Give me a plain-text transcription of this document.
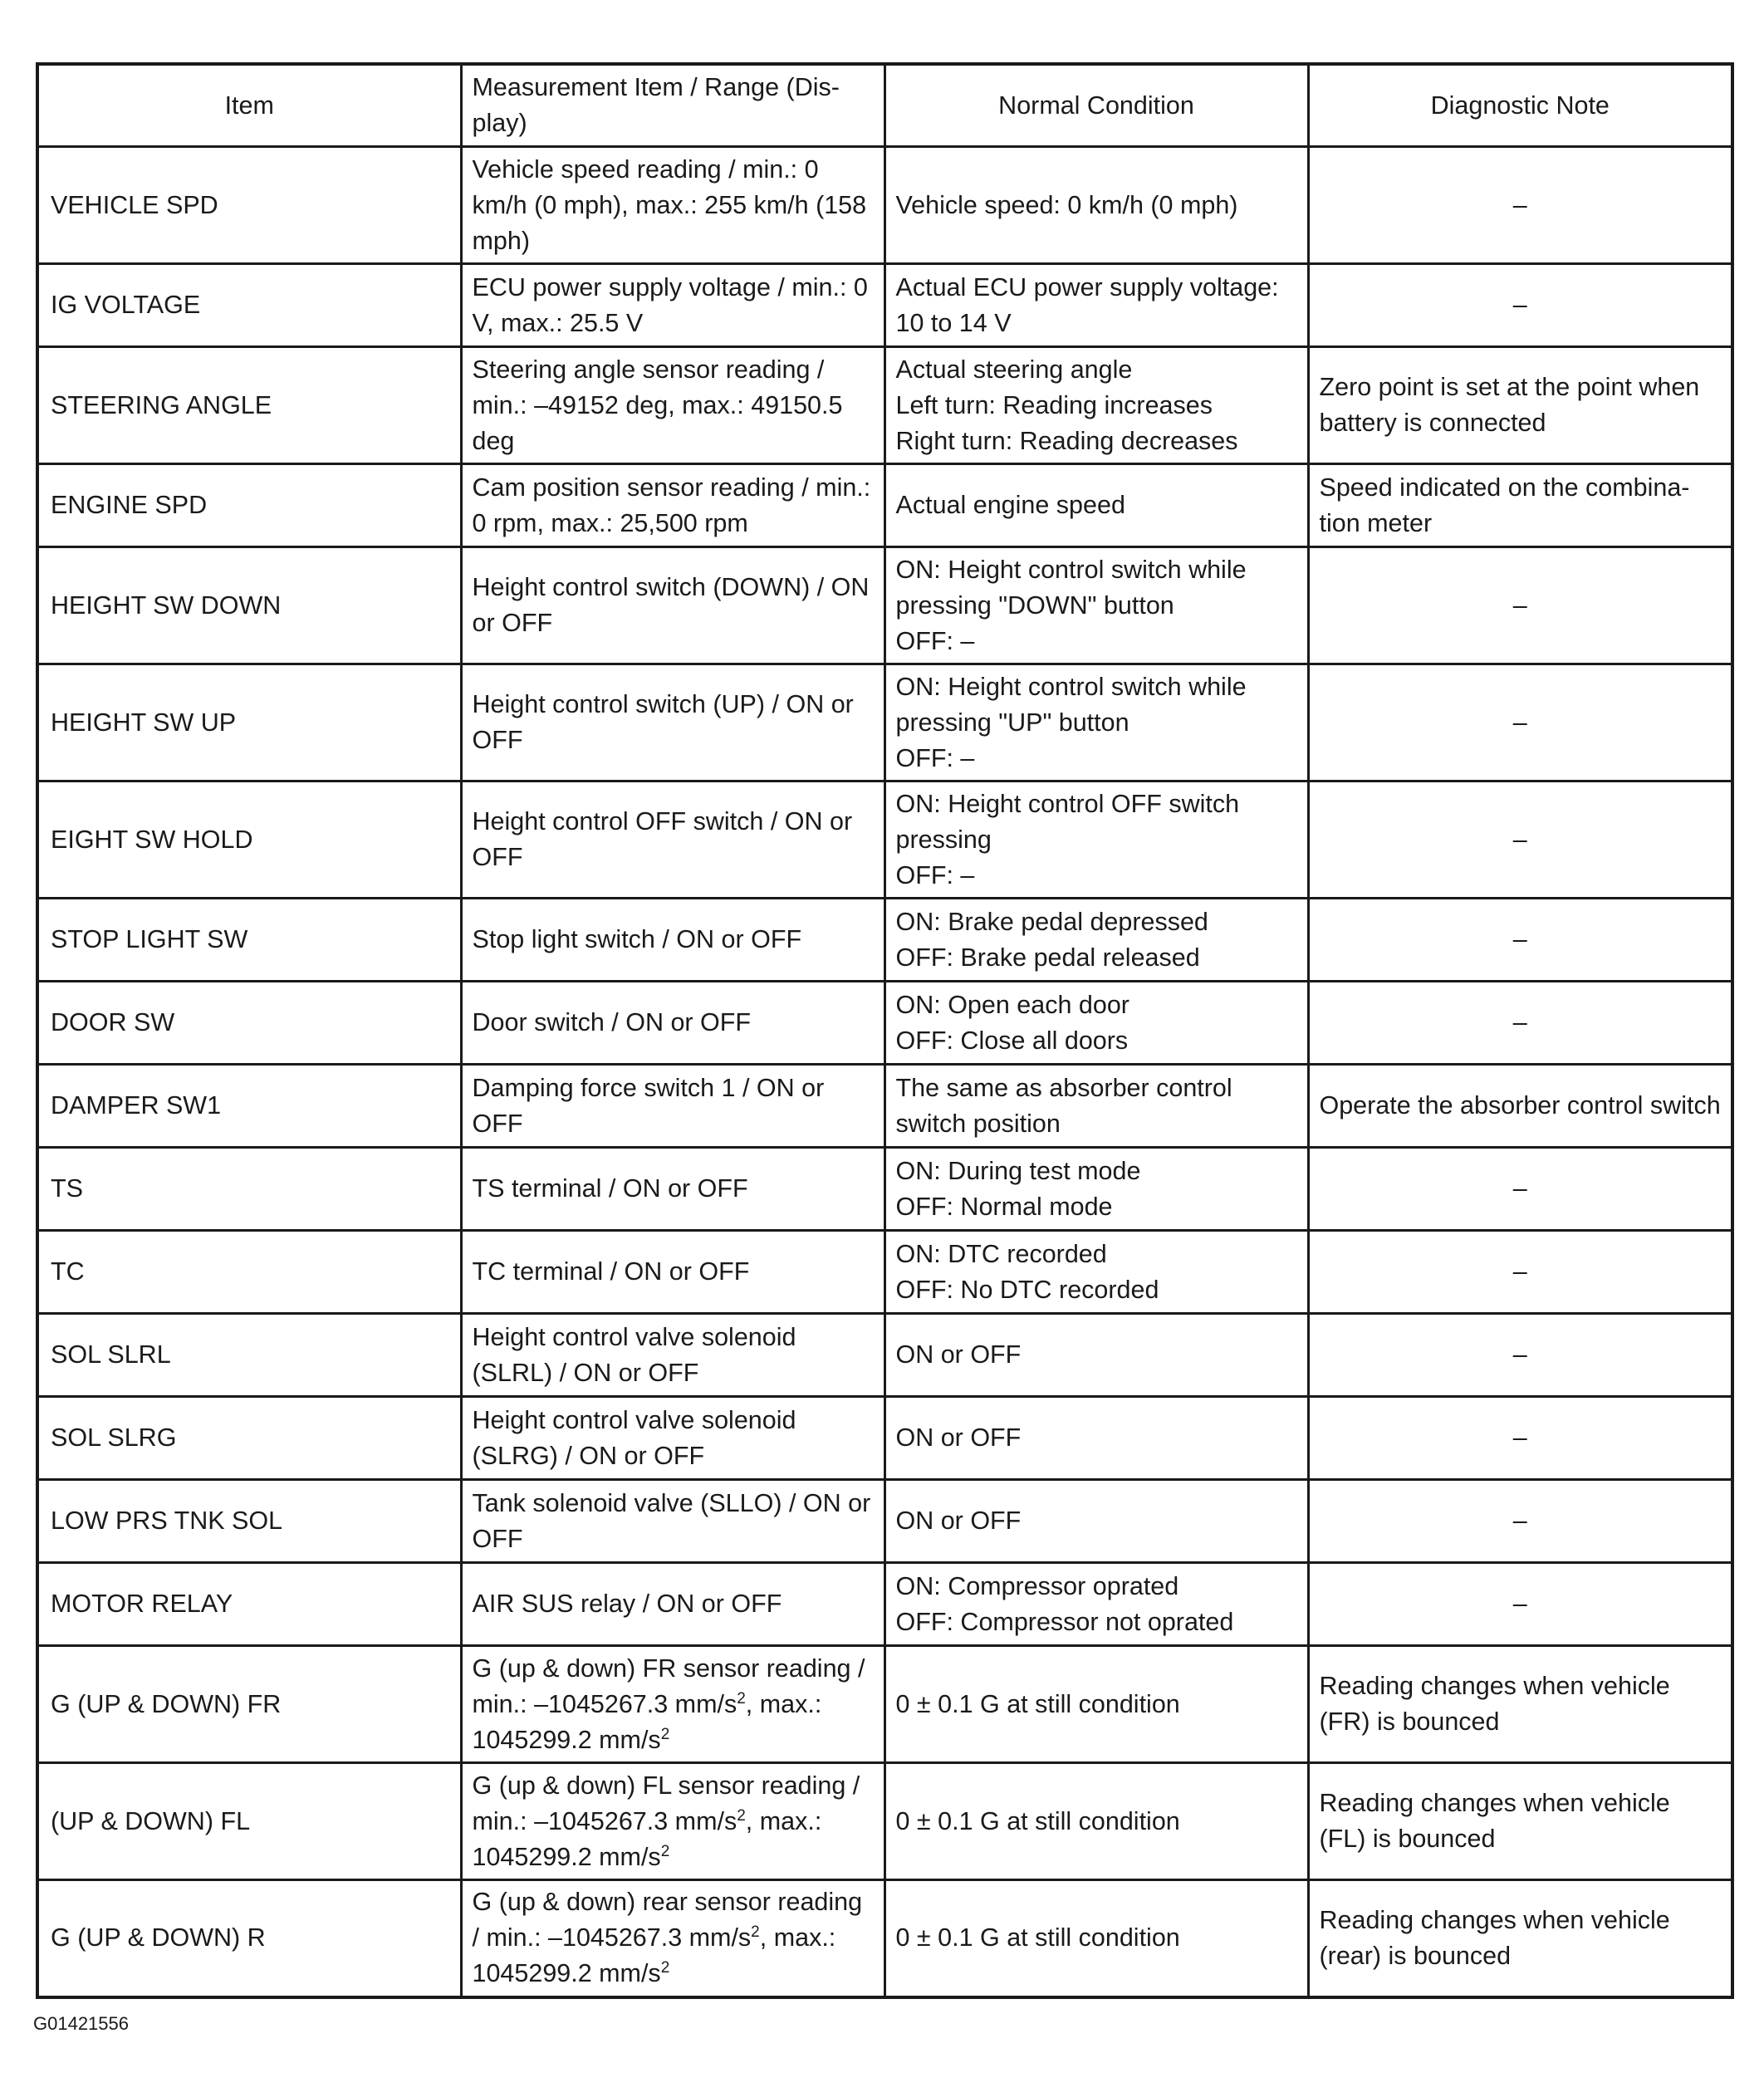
Item	Measurement Item / Range (Dis-play)	Normal Condition	Diagnostic Note
VEHICLE SPD	Vehicle speed reading / min.: 0 km/h (0 mph), max.: 255 km/h (158 mph)	Vehicle speed: 0 km/h (0 mph)	–
IG VOLTAGE	ECU power supply voltage / min.: 0 V, max.: 25.5 V	Actual ECU power supply voltage: 10 to 14 V	–
STEERING ANGLE	Steering angle sensor reading / min.: –49152 deg, max.: 49150.5 deg	Actual steering angle
Left turn: Reading increases
Right turn: Reading decreases	Zero point is set at the point when battery is connected
ENGINE SPD	Cam position sensor reading / min.: 0 rpm, max.: 25,500 rpm	Actual engine speed	Speed indicated on the combina-tion meter
HEIGHT SW DOWN	Height control switch (DOWN) / ON or OFF	ON: Height control switch while pressing "DOWN" button
OFF: –	–
HEIGHT SW UP	Height control switch (UP) / ON or OFF	ON: Height control switch while pressing "UP" button
OFF: –	–
EIGHT SW HOLD	Height control OFF switch / ON or OFF	ON: Height control OFF switch pressing
OFF: –	–
STOP LIGHT SW	Stop light switch / ON or OFF	ON: Brake pedal depressed
OFF: Brake pedal released	–
DOOR SW	Door switch / ON or OFF	ON: Open each door
OFF: Close all doors	–
DAMPER SW1	Damping force switch 1 / ON or OFF	The same as absorber control switch position	Operate the absorber control switch
TS	TS terminal / ON or OFF	ON: During test mode
OFF: Normal mode	–
TC	TC terminal / ON or OFF	ON: DTC recorded
OFF: No DTC recorded	–
SOL SLRL	Height control valve solenoid (SLRL) / ON or OFF	ON or OFF	–
SOL SLRG	Height control valve solenoid (SLRG) / ON or OFF	ON or OFF	–
LOW PRS TNK SOL	Tank solenoid valve (SLLO) / ON or OFF	ON or OFF	–
MOTOR RELAY	AIR SUS relay / ON or OFF	ON: Compressor oprated
OFF: Compressor not oprated	–
G (UP & DOWN) FR	G (up & down) FR sensor reading / min.: –1045267.3 $mm/s^2$, max.: 1045299.2 $mm/s^2$	0 ± 0.1 G at still condition	Reading changes when vehicle (FR) is bounced
(UP & DOWN) FL	G (up & down) FL sensor reading / min.: –1045267.3 $mm/s^2$, max.: 1045299.2 $mm/s^2$	0 ± 0.1 G at still condition	Reading changes when vehicle (FL) is bounced
G (UP & DOWN) R	G (up & down) rear sensor reading / min.: –1045267.3 $mm/s^2$, max.: 1045299.2 $mm/s^2$	0 ± 0.1 G at still condition	Reading changes when vehicle (rear) is bounced
G01421556
